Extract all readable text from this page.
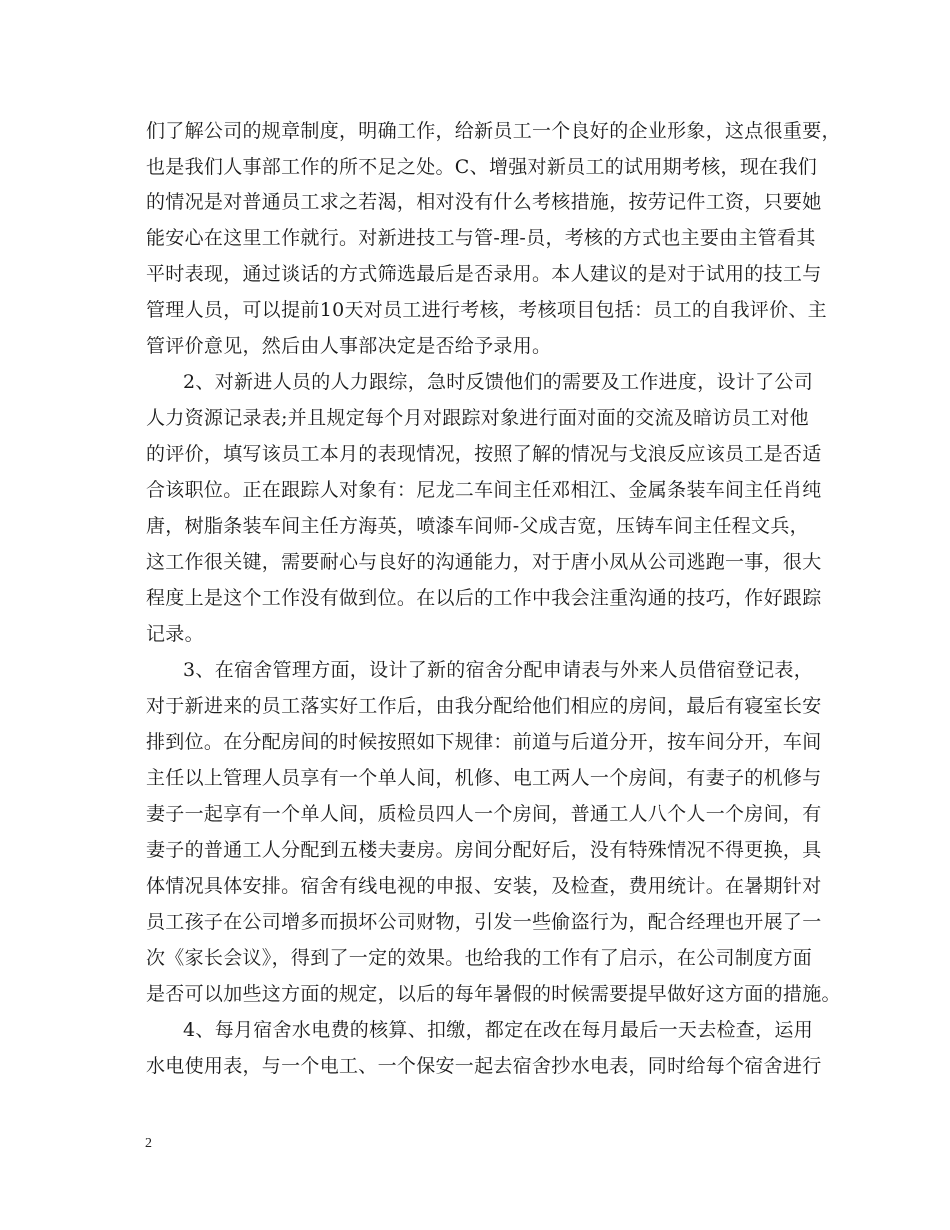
们了解公司的规章制度，明确工作，给新员工一个良好的企业形象，这点很重要，
也是我们人事部工作的所不足之处。C、增强对新员工的试用期考核，现在我们
的情况是对普通员工求之若渴，相对没有什么考核措施，按劳记件工资，只要她
能安心在这里工作就行。对新进技工与管-理-员，考核的方式也主要由主管看其
平时表现，通过谈话的方式筛选最后是否录用。本人建议的是对于试用的技工与
管理人员，可以提前10天对员工进行考核，考核项目包括：员工的自我评价、主
管评价意见，然后由人事部决定是否给予录用。
2、对新进人员的人力跟综，急时反馈他们的需要及工作进度，设计了公司
人力资源记录表;并且规定每个月对跟踪对象进行面对面的交流及暗访员工对他
的评价，填写该员工本月的表现情况，按照了解的情况与戈浪反应该员工是否适
合该职位。正在跟踪人对象有：尼龙二车间主任邓相江、金属条装车间主任肖纯
唐，树脂条装车间主任方海英，喷漆车间师-父成吉宽，压铸车间主任程文兵，
这工作很关键，需要耐心与良好的沟通能力，对于唐小凤从公司逃跑一事，很大
程度上是这个工作没有做到位。在以后的工作中我会注重沟通的技巧，作好跟踪
记录。
3、在宿舍管理方面，设计了新的宿舍分配申请表与外来人员借宿登记表，
对于新进来的员工落实好工作后，由我分配给他们相应的房间，最后有寝室长安
排到位。在分配房间的时候按照如下规律：前道与后道分开，按车间分开，车间
主任以上管理人员享有一个单人间，机修、电工两人一个房间，有妻子的机修与
妻子一起享有一个单人间，质检员四人一个房间，普通工人八个人一个房间，有
妻子的普通工人分配到五楼夫妻房。房间分配好后，没有特殊情况不得更换，具
体情况具体安排。宿舍有线电视的申报、安装，及检查，费用统计。在暑期针对
员工孩子在公司增多而损坏公司财物，引发一些偷盗行为，配合经理也开展了一
次《家长会议》，得到了一定的效果。也给我的工作有了启示，在公司制度方面
是否可以加些这方面的规定，以后的每年暑假的时候需要提早做好这方面的措施。
4、每月宿舍水电费的核算、扣缴，都定在改在每月最后一天去检查，运用
水电使用表，与一个电工、一个保安一起去宿舍抄水电表，同时给每个宿舍进行
2
